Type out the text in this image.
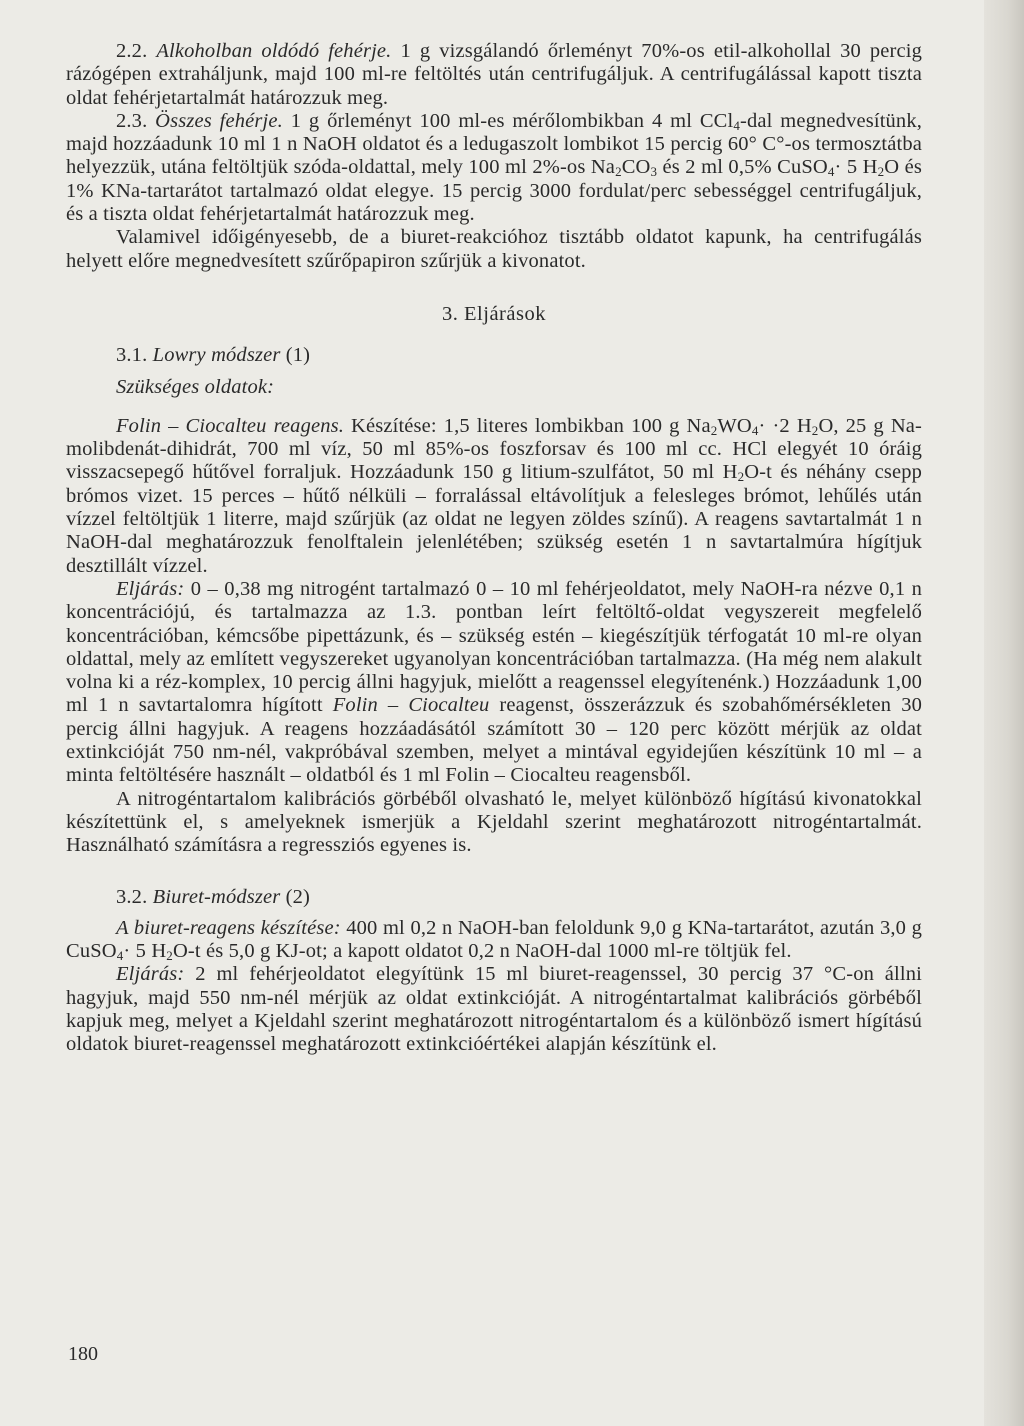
2.2. Alkoholban oldódó fehérje. 1 g vizsgálandó őrleményt 70%-os etil-alkohollal 30 percig rázógépen extraháljunk, majd 100 ml-re feltöltés után centrifugáljuk. A centrifugálással kapott tiszta oldat fehérjetartalmát határozzuk meg.

2.3. Összes fehérje. 1 g őrleményt 100 ml-es mérőlombikban 4 ml CCl$_4$-dal megnedvesítünk, majd hozzáadunk 10 ml 1 n NaOH oldatot és a ledugaszolt lombikot 15 percig 60° C°-os termosztátba helyezzük, utána feltöltjük szóda-oldattal, mely 100 ml 2%-os $Na_2CO_3$ és 2 ml 0,5% CuSO$_4$· 5 $H_2O$ és 1% KNa-tartarátot tartalmazó oldat elegye. 15 percig 3000 fordulat/perc sebességgel centrifugáljuk, és a tiszta oldat fehérjetartalmát határozzuk meg.

Valamivel időigényesebb, de a biuret-reakcióhoz tisztább oldatot kapunk, ha centrifugálás helyett előre megnedvesített szűrőpapiron szűrjük a kivonatot.

3. Eljárások

3.1. Lowry módszer (1)

Szükséges oldatok:

Folin – Ciocalteu reagens. Készítése: 1,5 literes lombikban 100 g $Na_2WO_4\cdot \cdot 2$ $H_2O$, 25 g Na-molibdenát-dihidrát, 700 ml víz, 50 ml 85%-os foszforsav és 100 ml cc. HCl elegyét 10 óráig visszacsepegő hűtővel forraljuk. Hozzáadunk 150 g litium-szulfátot, 50 ml $H_2O-t$ és néhány csepp brómos vizet. 15 perces – hűtő nélküli – forralással eltávolítjuk a felesleges brómot, lehűlés után vízzel feltöltjük 1 literre, majd szűrjük (az oldat ne legyen zöldes színű). A reagens savtartalmát 1 n NaOH-dal meghatározzuk fenolftalein jelenlétében; szükség esetén 1 n savtartalmúra hígítjuk desztillált vízzel.

Eljárás: 0 – 0,38 mg nitrogént tartalmazó 0 – 10 ml fehérjeoldatot, mely NaOH-ra nézve 0,1 n koncentrációjú, és tartalmazza az 1.3. pontban leírt feltöltő-oldat vegyszereit megfelelő koncentrációban, kémcsőbe pipettázunk, és – szükség estén – kiegészítjük térfogatát 10 ml-re olyan oldattal, mely az említett vegyszereket ugyanolyan koncentrációban tartalmazza. (Ha még nem alakult volna ki a réz-komplex, 10 percig állni hagyjuk, mielőtt a reagenssel elegyítenénk.) Hozzáadunk 1,00 ml 1 n savtartalomra hígított Folin – Ciocalteu reagenst, összerázzuk és szobahőmérsékleten 30 percig állni hagyjuk. A reagens hozzáadásától számított 30 – 120 perc között mérjük az oldat extinkcióját 750 nm-nél, vakpróbával szemben, melyet a mintával egyidejűen készítünk 10 ml – a minta feltöltésére használt – oldatból és 1 ml Folin – Ciocalteu reagensből.

A nitrogéntartalom kalibrációs görbéből olvasható le, melyet különböző hígítású kivonatokkal készítettünk el, s amelyeknek ismerjük a Kjeldahl szerint meghatározott nitrogéntartalmát. Használható számításra a regressziós egyenes is.

3.2. Biuret-módszer (2)

A biuret-reagens készítése: 400 ml 0,2 n NaOH-ban feloldunk 9,0 g KNa-tartarátot, azután 3,0 g CuSO$_4$· 5 $H_2O-t$ és 5,0 g KJ-ot; a kapott oldatot 0,2 n NaOH-dal 1000 ml-re töltjük fel.

Eljárás: 2 ml fehérjeoldatot elegyítünk 15 ml biuret-reagenssel, 30 percig 37 °C-on állni hagyjuk, majd 550 nm-nél mérjük az oldat extinkcióját. A nitrogéntartalmat kalibrációs görbéből kapjuk meg, melyet a Kjeldahl szerint meghatározott nitrogéntartalom és a különböző ismert hígítású oldatok biuret-reagenssel meghatározott extinkcióértékei alapján készítünk el.

180
